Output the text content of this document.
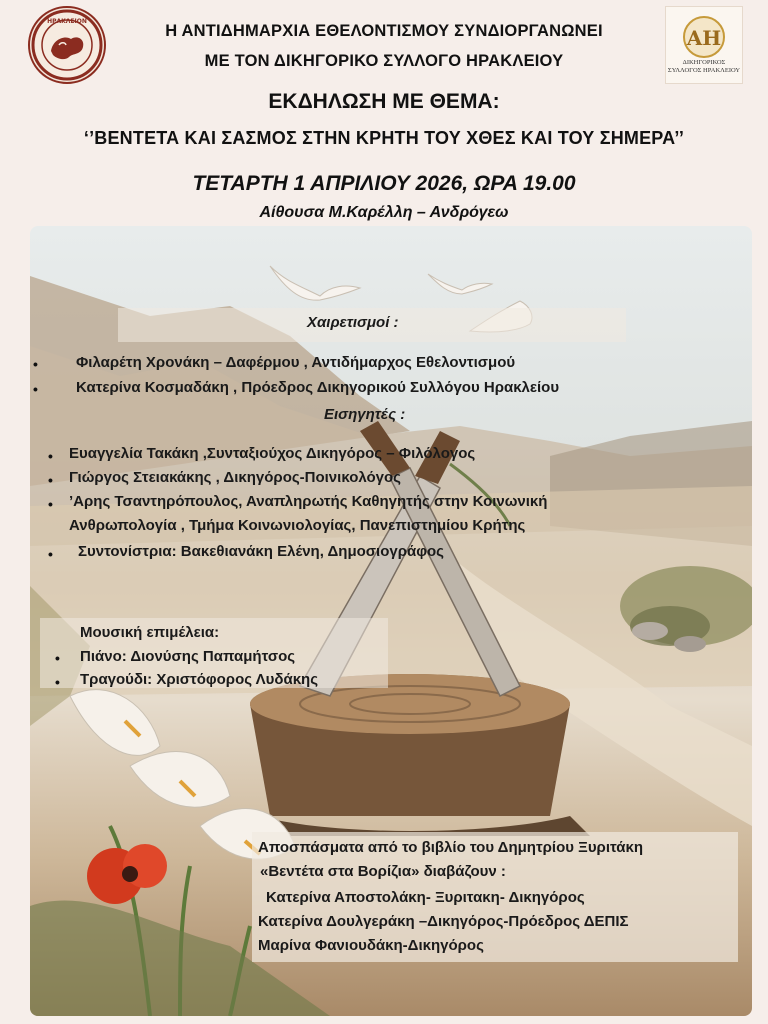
ΗΡΑΚΛΕΙΟΝ
ΑΗ
ΔΙΚΗΓΟΡΙΚΟΣ ΣΥΛΛΟΓΟΣ ΗΡΑΚΛΕΙΟΥ
Η ΑΝΤΙΔΗΜΑΡΧΙΑ ΕΘΕΛΟΝΤΙΣΜΟΥ ΣΥΝΔΙΟΡΓΑΝΩΝΕΙ
ΜΕ ΤΟΝ ΔΙΚΗΓΟΡΙΚΟ ΣΥΛΛΟΓΟ ΗΡΑΚΛΕΙΟΥ
ΕΚΔΗΛΩΣΗ ΜΕ ΘΕΜΑ:
‘’ΒΕΝΤΕΤΑ ΚΑΙ ΣΑΣΜΟΣ ΣΤΗΝ ΚΡΗΤΗ ΤΟΥ ΧΘΕΣ ΚΑΙ ΤΟΥ ΣΗΜΕΡΑ’’
ΤΕΤΑΡΤΗ 1 ΑΠΡΙΛΙΟΥ 2026, ΩΡΑ 19.00
Αίθουσα Μ.Καρέλλη – Ανδρόγεω
Χαιρετισμοί :
•	Φιλαρέτη Χρονάκη – Δαφέρμου , Αντιδήμαρχος Εθελοντισμού
•	Κατερίνα Κοσμαδάκη , Πρόεδρος Δικηγορικού Συλλόγου Ηρακλείου
Εισηγητές :
• Ευαγγελία Τακάκη ,Συνταξιούχος Δικηγόρος – Φιλόλογος
• Γιώργος Στειακάκης , Δικηγόρος-Ποινικολόγος
• ’Αρης Τσαντηρόπουλος, Αναπληρωτής Καθηγητής στην Κοινωνική
Ανθρωπολογία , Τμήμα Κοινωνιολογίας, Πανεπιστημίου Κρήτης
• Συντονίστρια: Βακεθιανάκη Ελένη, Δημοσιογράφος
Μουσική επιμέλεια:
• Πιάνο: Διονύσης Παπαμήτσος
• Τραγούδι: Χριστόφορος Λυδάκης
Αποσπάσματα από το βιβλίο του Δημητρίου Ξυριτάκη
«Βεντέτα στα Βορίζια» διαβάζουν :
Κατερίνα Αποστολάκη- Ξυριτακη- Δικηγόρος
Κατερίνα Δουλγεράκη –Δικηγόρος-Πρόεδρος ΔΕΠΙΣ
Μαρίνα Φανιουδάκη-Δικηγόρος
